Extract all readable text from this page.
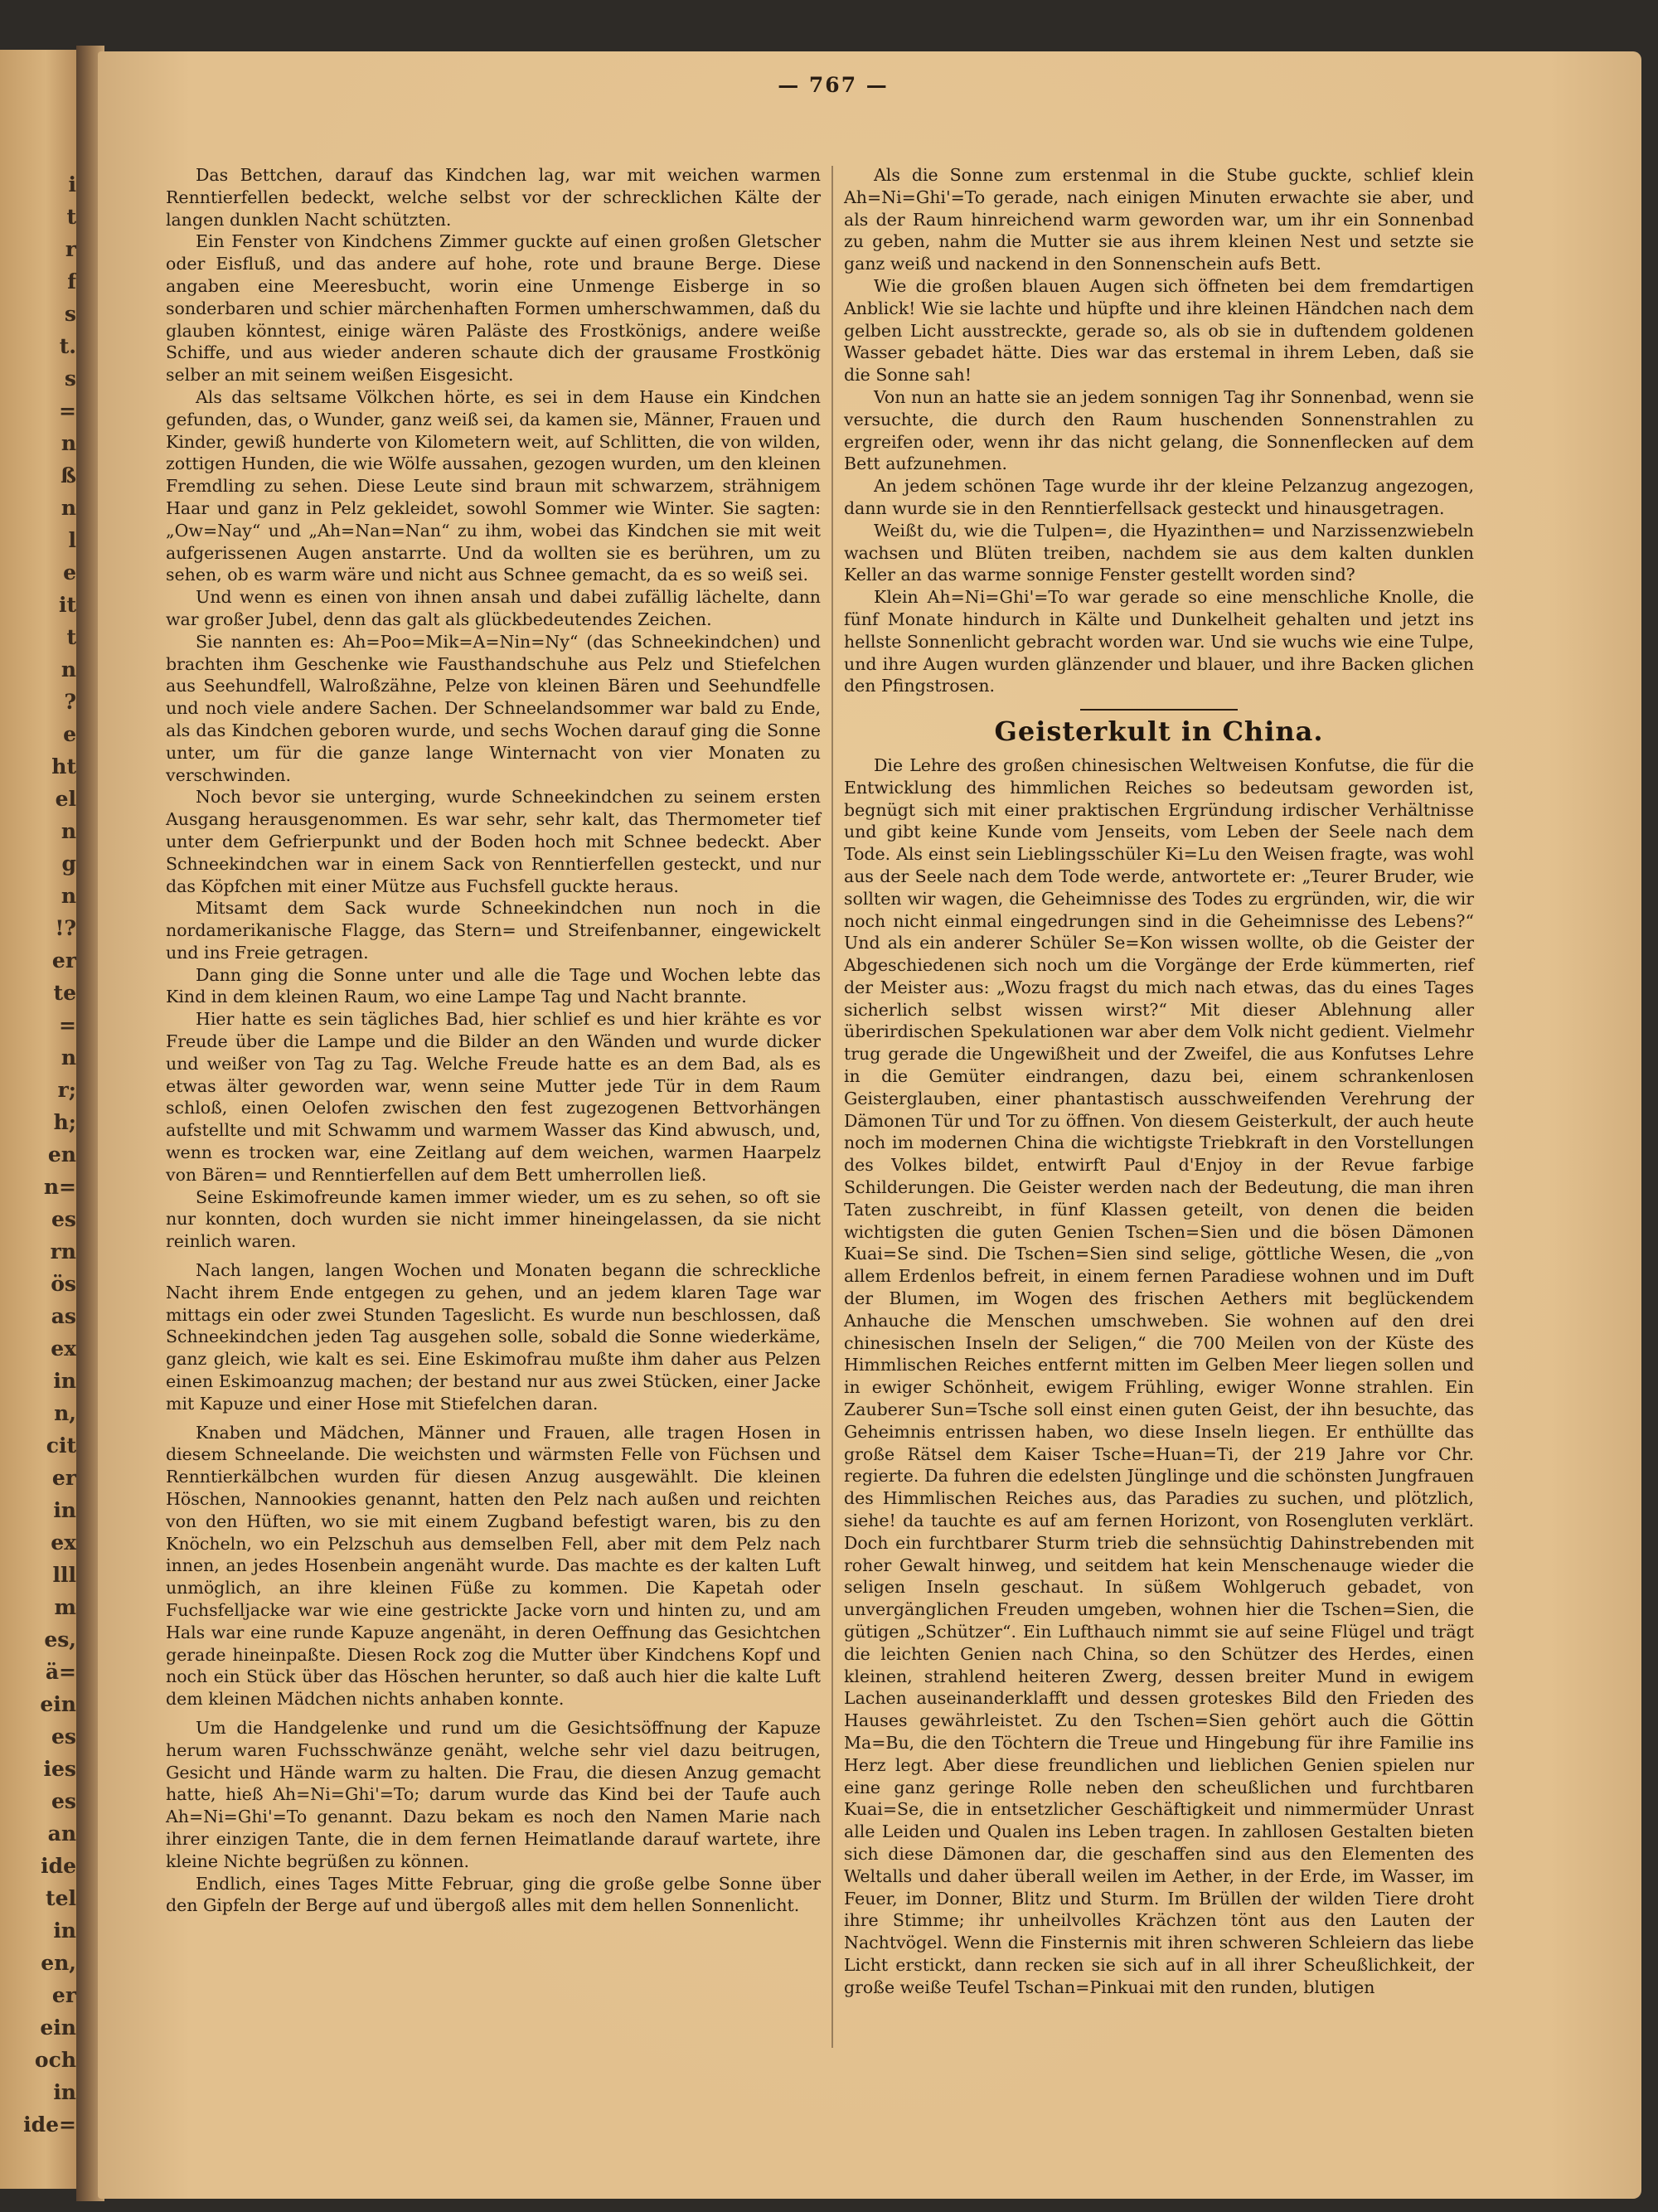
i
t
r
f
s
t.
s
=
n
ß
n
l
e
it
t
n
?
e
ht
el
n
g
n
!?
er
te
=
n
r;
h;
en
n=
es
rn
ös
as
ex
in
n,
cit
er
in
ex
lll
m
es,
ä=
ein
es
ies
es
an
ide
tel
in
en,
er
ein
och
in
ide=
— 767 —

Das Bettchen, darauf das Kindchen lag, war mit weichen warmen Renntierfellen bedeckt, welche selbst vor der schrecklichen Kälte der langen dunklen Nacht schützten.

Ein Fenster von Kindchens Zimmer guckte auf einen großen Gletscher oder Eisfluß, und das andere auf hohe, rote und braune Berge. Diese angaben eine Meeresbucht, worin eine Unmenge Eisberge in so sonderbaren und schier märchenhaften Formen umherschwammen, daß du glauben könntest, einige wären Paläste des Frostkönigs, andere weiße Schiffe, und aus wieder anderen schaute dich der grausame Frostkönig selber an mit seinem weißen Eisgesicht.

Als das seltsame Völkchen hörte, es sei in dem Hause ein Kindchen gefunden, das, o Wunder, ganz weiß sei, da kamen sie, Männer, Frauen und Kinder, gewiß hunderte von Kilometern weit, auf Schlitten, die von wilden, zottigen Hunden, die wie Wölfe aussahen, gezogen wurden, um den kleinen Fremdling zu sehen. Diese Leute sind braun mit schwarzem, strähnigem Haar und ganz in Pelz gekleidet, sowohl Sommer wie Winter. Sie sagten: „Ow=Nay“ und „Ah=Nan=Nan“ zu ihm, wobei das Kindchen sie mit weit aufgerissenen Augen anstarrte. Und da wollten sie es berühren, um zu sehen, ob es warm wäre und nicht aus Schnee gemacht, da es so weiß sei.

Und wenn es einen von ihnen ansah und dabei zufällig lächelte, dann war großer Jubel, denn das galt als glückbedeutendes Zeichen.

Sie nannten es: Ah=Poo=Mik=A=Nin=Ny“ (das Schneekindchen) und brachten ihm Geschenke wie Fausthandschuhe aus Pelz und Stiefelchen aus Seehundfell, Walroßzähne, Pelze von kleinen Bären und Seehundfelle und noch viele andere Sachen. Der Schneelandsommer war bald zu Ende, als das Kindchen geboren wurde, und sechs Wochen darauf ging die Sonne unter, um für die ganze lange Winternacht von vier Monaten zu verschwinden.

Noch bevor sie unterging, wurde Schneekindchen zu seinem ersten Ausgang herausgenommen. Es war sehr, sehr kalt, das Thermometer tief unter dem Gefrierpunkt und der Boden hoch mit Schnee bedeckt. Aber Schneekindchen war in einem Sack von Renntierfellen gesteckt, und nur das Köpfchen mit einer Mütze aus Fuchsfell guckte heraus.

Mitsamt dem Sack wurde Schneekindchen nun noch in die nordamerikanische Flagge, das Stern= und Streifenbanner, eingewickelt und ins Freie getragen.

Dann ging die Sonne unter und alle die Tage und Wochen lebte das Kind in dem kleinen Raum, wo eine Lampe Tag und Nacht brannte.

Hier hatte es sein tägliches Bad, hier schlief es und hier krähte es vor Freude über die Lampe und die Bilder an den Wänden und wurde dicker und weißer von Tag zu Tag. Welche Freude hatte es an dem Bad, als es etwas älter geworden war, wenn seine Mutter jede Tür in dem Raum schloß, einen Oelofen zwischen den fest zugezogenen Bettvorhängen aufstellte und mit Schwamm und warmem Wasser das Kind abwusch, und, wenn es trocken war, eine Zeitlang auf dem weichen, warmen Haarpelz von Bären= und Renntierfellen auf dem Bett umherrollen ließ.

Seine Eskimofreunde kamen immer wieder, um es zu sehen, so oft sie nur konnten, doch wurden sie nicht immer hineingelassen, da sie nicht reinlich waren.

Nach langen, langen Wochen und Monaten begann die schreckliche Nacht ihrem Ende entgegen zu gehen, und an jedem klaren Tage war mittags ein oder zwei Stunden Tageslicht. Es wurde nun beschlossen, daß Schneekindchen jeden Tag ausgehen solle, sobald die Sonne wiederkäme, ganz gleich, wie kalt es sei. Eine Eskimofrau mußte ihm daher aus Pelzen einen Eskimoanzug machen; der bestand nur aus zwei Stücken, einer Jacke mit Kapuze und einer Hose mit Stiefelchen daran.

Knaben und Mädchen, Männer und Frauen, alle tragen Hosen in diesem Schneelande. Die weichsten und wärmsten Felle von Füchsen und Renntierkälbchen wurden für diesen Anzug ausgewählt. Die kleinen Höschen, Nannookies genannt, hatten den Pelz nach außen und reichten von den Hüften, wo sie mit einem Zugband befestigt waren, bis zu den Knöcheln, wo ein Pelzschuh aus demselben Fell, aber mit dem Pelz nach innen, an jedes Hosenbein angenäht wurde. Das machte es der kalten Luft unmöglich, an ihre kleinen Füße zu kommen. Die Kapetah oder Fuchsfelljacke war wie eine gestrickte Jacke vorn und hinten zu, und am Hals war eine runde Kapuze angenäht, in deren Oeffnung das Gesichtchen gerade hineinpaßte. Diesen Rock zog die Mutter über Kindchens Kopf und noch ein Stück über das Höschen herunter, so daß auch hier die kalte Luft dem kleinen Mädchen nichts anhaben konnte.

Um die Handgelenke und rund um die Gesichtsöffnung der Kapuze herum waren Fuchsschwänze genäht, welche sehr viel dazu beitrugen, Gesicht und Hände warm zu halten. Die Frau, die diesen Anzug gemacht hatte, hieß Ah=Ni=Ghi'=To; darum wurde das Kind bei der Taufe auch Ah=Ni=Ghi'=To genannt. Dazu bekam es noch den Namen Marie nach ihrer einzigen Tante, die in dem fernen Heimatlande darauf wartete, ihre kleine Nichte begrüßen zu können.

Endlich, eines Tages Mitte Februar, ging die große gelbe Sonne über den Gipfeln der Berge auf und übergoß alles mit dem hellen Sonnenlicht.

Als die Sonne zum erstenmal in die Stube guckte, schlief klein Ah=Ni=Ghi'=To gerade, nach einigen Minuten erwachte sie aber, und als der Raum hinreichend warm geworden war, um ihr ein Sonnenbad zu geben, nahm die Mutter sie aus ihrem kleinen Nest und setzte sie ganz weiß und nackend in den Sonnenschein aufs Bett.

Wie die großen blauen Augen sich öffneten bei dem fremdartigen Anblick! Wie sie lachte und hüpfte und ihre kleinen Händchen nach dem gelben Licht ausstreckte, gerade so, als ob sie in duftendem goldenen Wasser gebadet hätte. Dies war das erstemal in ihrem Leben, daß sie die Sonne sah!

Von nun an hatte sie an jedem sonnigen Tag ihr Sonnenbad, wenn sie versuchte, die durch den Raum huschenden Sonnenstrahlen zu ergreifen oder, wenn ihr das nicht gelang, die Sonnenflecken auf dem Bett aufzunehmen.

An jedem schönen Tage wurde ihr der kleine Pelzanzug angezogen, dann wurde sie in den Renntierfellsack gesteckt und hinausgetragen.

Weißt du, wie die Tulpen=, die Hyazinthen= und Narzissenzwiebeln wachsen und Blüten treiben, nachdem sie aus dem kalten dunklen Keller an das warme sonnige Fenster gestellt worden sind?

Klein Ah=Ni=Ghi'=To war gerade so eine menschliche Knolle, die fünf Monate hindurch in Kälte und Dunkelheit gehalten und jetzt ins hellste Sonnenlicht gebracht worden war. Und sie wuchs wie eine Tulpe, und ihre Augen wurden glänzender und blauer, und ihre Backen glichen den Pfingstrosen.

Geisterkult in China.

Die Lehre des großen chinesischen Weltweisen Konfutse, die für die Entwicklung des himmlichen Reiches so bedeutsam geworden ist, begnügt sich mit einer praktischen Ergründung irdischer Verhältnisse und gibt keine Kunde vom Jenseits, vom Leben der Seele nach dem Tode. Als einst sein Lieblingsschüler Ki=Lu den Weisen fragte, was wohl aus der Seele nach dem Tode werde, antwortete er: „Teurer Bruder, wie sollten wir wagen, die Geheimnisse des Todes zu ergründen, wir, die wir noch nicht einmal eingedrungen sind in die Geheimnisse des Lebens?“ Und als ein anderer Schüler Se=Kon wissen wollte, ob die Geister der Abgeschiedenen sich noch um die Vorgänge der Erde kümmerten, rief der Meister aus: „Wozu fragst du mich nach etwas, das du eines Tages sicherlich selbst wissen wirst?“ Mit dieser Ablehnung aller überirdischen Spekulationen war aber dem Volk nicht gedient. Vielmehr trug gerade die Ungewißheit und der Zweifel, die aus Konfutses Lehre in die Gemüter eindrangen, dazu bei, einem schrankenlosen Geisterglauben, einer phantastisch ausschweifenden Verehrung der Dämonen Tür und Tor zu öffnen. Von diesem Geisterkult, der auch heute noch im modernen China die wichtigste Triebkraft in den Vorstellungen des Volkes bildet, entwirft Paul d'Enjoy in der Revue farbige Schilderungen. Die Geister werden nach der Bedeutung, die man ihren Taten zuschreibt, in fünf Klassen geteilt, von denen die beiden wichtigsten die guten Genien Tschen=Sien und die bösen Dämonen Kuai=Se sind. Die Tschen=Sien sind selige, göttliche Wesen, die „von allem Erdenlos befreit, in einem fernen Paradiese wohnen und im Duft der Blumen, im Wogen des frischen Aethers mit beglückendem Anhauche die Menschen umschweben. Sie wohnen auf den drei chinesischen Inseln der Seligen,“ die 700 Meilen von der Küste des Himmlischen Reiches entfernt mitten im Gelben Meer liegen sollen und in ewiger Schönheit, ewigem Frühling, ewiger Wonne strahlen. Ein Zauberer Sun=Tsche soll einst einen guten Geist, der ihn besuchte, das Geheimnis entrissen haben, wo diese Inseln liegen. Er enthüllte das große Rätsel dem Kaiser Tsche=Huan=Ti, der 219 Jahre vor Chr. regierte. Da fuhren die edelsten Jünglinge und die schönsten Jungfrauen des Himmlischen Reiches aus, das Paradies zu suchen, und plötzlich, siehe! da tauchte es auf am fernen Horizont, von Rosengluten verklärt. Doch ein furchtbarer Sturm trieb die sehnsüchtig Dahinstrebenden mit roher Gewalt hinweg, und seitdem hat kein Menschenauge wieder die seligen Inseln geschaut. In süßem Wohlgeruch gebadet, von unvergänglichen Freuden umgeben, wohnen hier die Tschen=Sien, die gütigen „Schützer“. Ein Lufthauch nimmt sie auf seine Flügel und trägt die leichten Genien nach China, so den Schützer des Herdes, einen kleinen, strahlend heiteren Zwerg, dessen breiter Mund in ewigem Lachen auseinanderklafft und dessen groteskes Bild den Frieden des Hauses gewährleistet. Zu den Tschen=Sien gehört auch die Göttin Ma=Bu, die den Töchtern die Treue und Hingebung für ihre Familie ins Herz legt. Aber diese freundlichen und lieblichen Genien spielen nur eine ganz geringe Rolle neben den scheußlichen und furchtbaren Kuai=Se, die in entsetzlicher Geschäftigkeit und nimmermüder Unrast alle Leiden und Qualen ins Leben tragen. In zahllosen Gestalten bieten sich diese Dämonen dar, die geschaffen sind aus den Elementen des Weltalls und daher überall weilen im Aether, in der Erde, im Wasser, im Feuer, im Donner, Blitz und Sturm. Im Brüllen der wilden Tiere droht ihre Stimme; ihr unheilvolles Krächzen tönt aus den Lauten der Nachtvögel. Wenn die Finsternis mit ihren schweren Schleiern das liebe Licht erstickt, dann recken sie sich auf in all ihrer Scheußlichkeit, der große weiße Teufel Tschan=Pinkuai mit den runden, blutigen
